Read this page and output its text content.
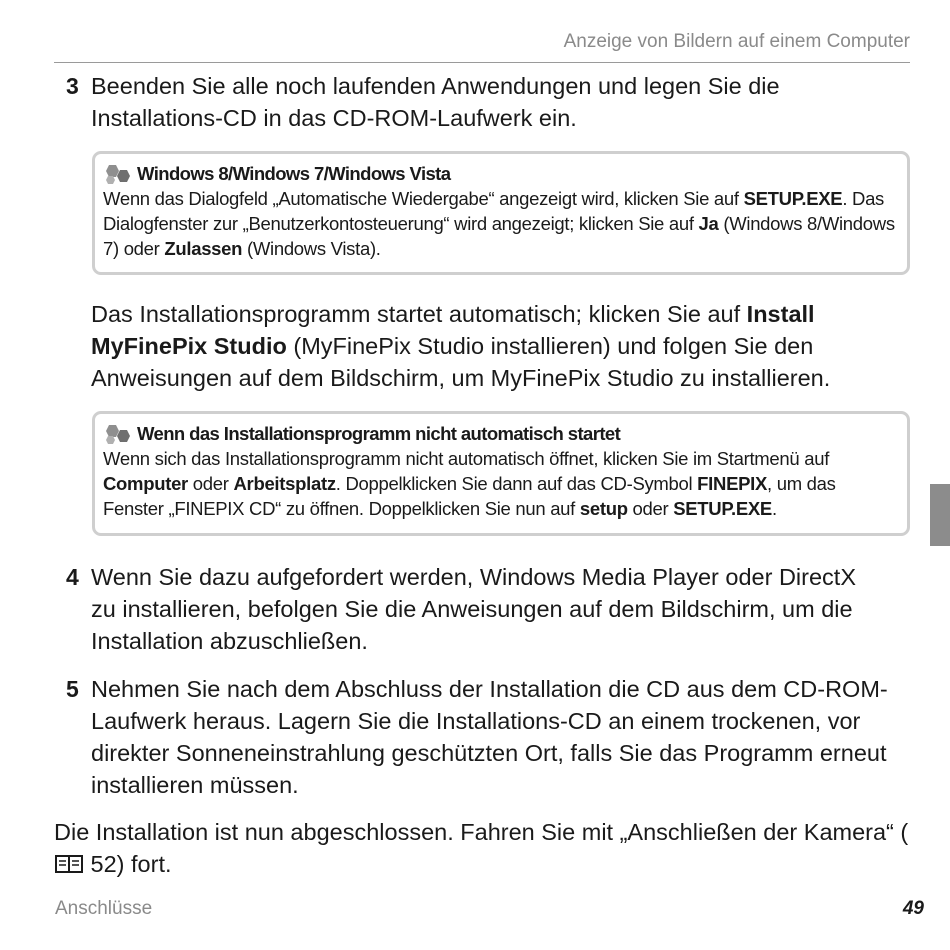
Anzeige von Bildern auf einem Computer
3 Beenden Sie alle noch laufenden Anwendungen und legen Sie die Installations-CD in das CD-ROM-Laufwerk ein.
Windows 8/Windows 7/Windows Vista
Wenn das Dialogfeld „Automatische Wiedergabe“ angezeigt wird, klicken Sie auf SETUP.EXE. Das Dialogfenster zur „Benutzerkontosteuerung“ wird angezeigt; klicken Sie auf Ja (Windows 8/Windows 7) oder Zulassen (Windows Vista).
Das Installationsprogramm startet automatisch; klicken Sie auf Install MyFinePix Studio (MyFinePix Studio installieren) und folgen Sie den Anweisungen auf dem Bildschirm, um MyFinePix Studio zu installieren.
Wenn das Installationsprogramm nicht automatisch startet
Wenn sich das Installationsprogramm nicht automatisch öffnet, klicken Sie im Startmenü auf Computer oder Arbeitsplatz. Doppelklicken Sie dann auf das CD-Symbol FINEPIX, um das Fenster „FINEPIX CD“ zu öffnen. Doppelklicken Sie nun auf setup oder SETUP.EXE.
4 Wenn Sie dazu aufgefordert werden, Windows Media Player oder DirectX zu installieren, befolgen Sie die Anweisungen auf dem Bildschirm, um die Installation abzuschließen.
5 Nehmen Sie nach dem Abschluss der Installation die CD aus dem CD-ROM-Laufwerk heraus. Lagern Sie die Installations-CD an einem trockenen, vor direkter Sonneneinstrahlung geschützten Ort, falls Sie das Programm erneut installieren müssen.
Die Installation ist nun abgeschlossen. Fahren Sie mit „Anschließen der Kamera“ ( 52) fort.
Anschlüsse	49
